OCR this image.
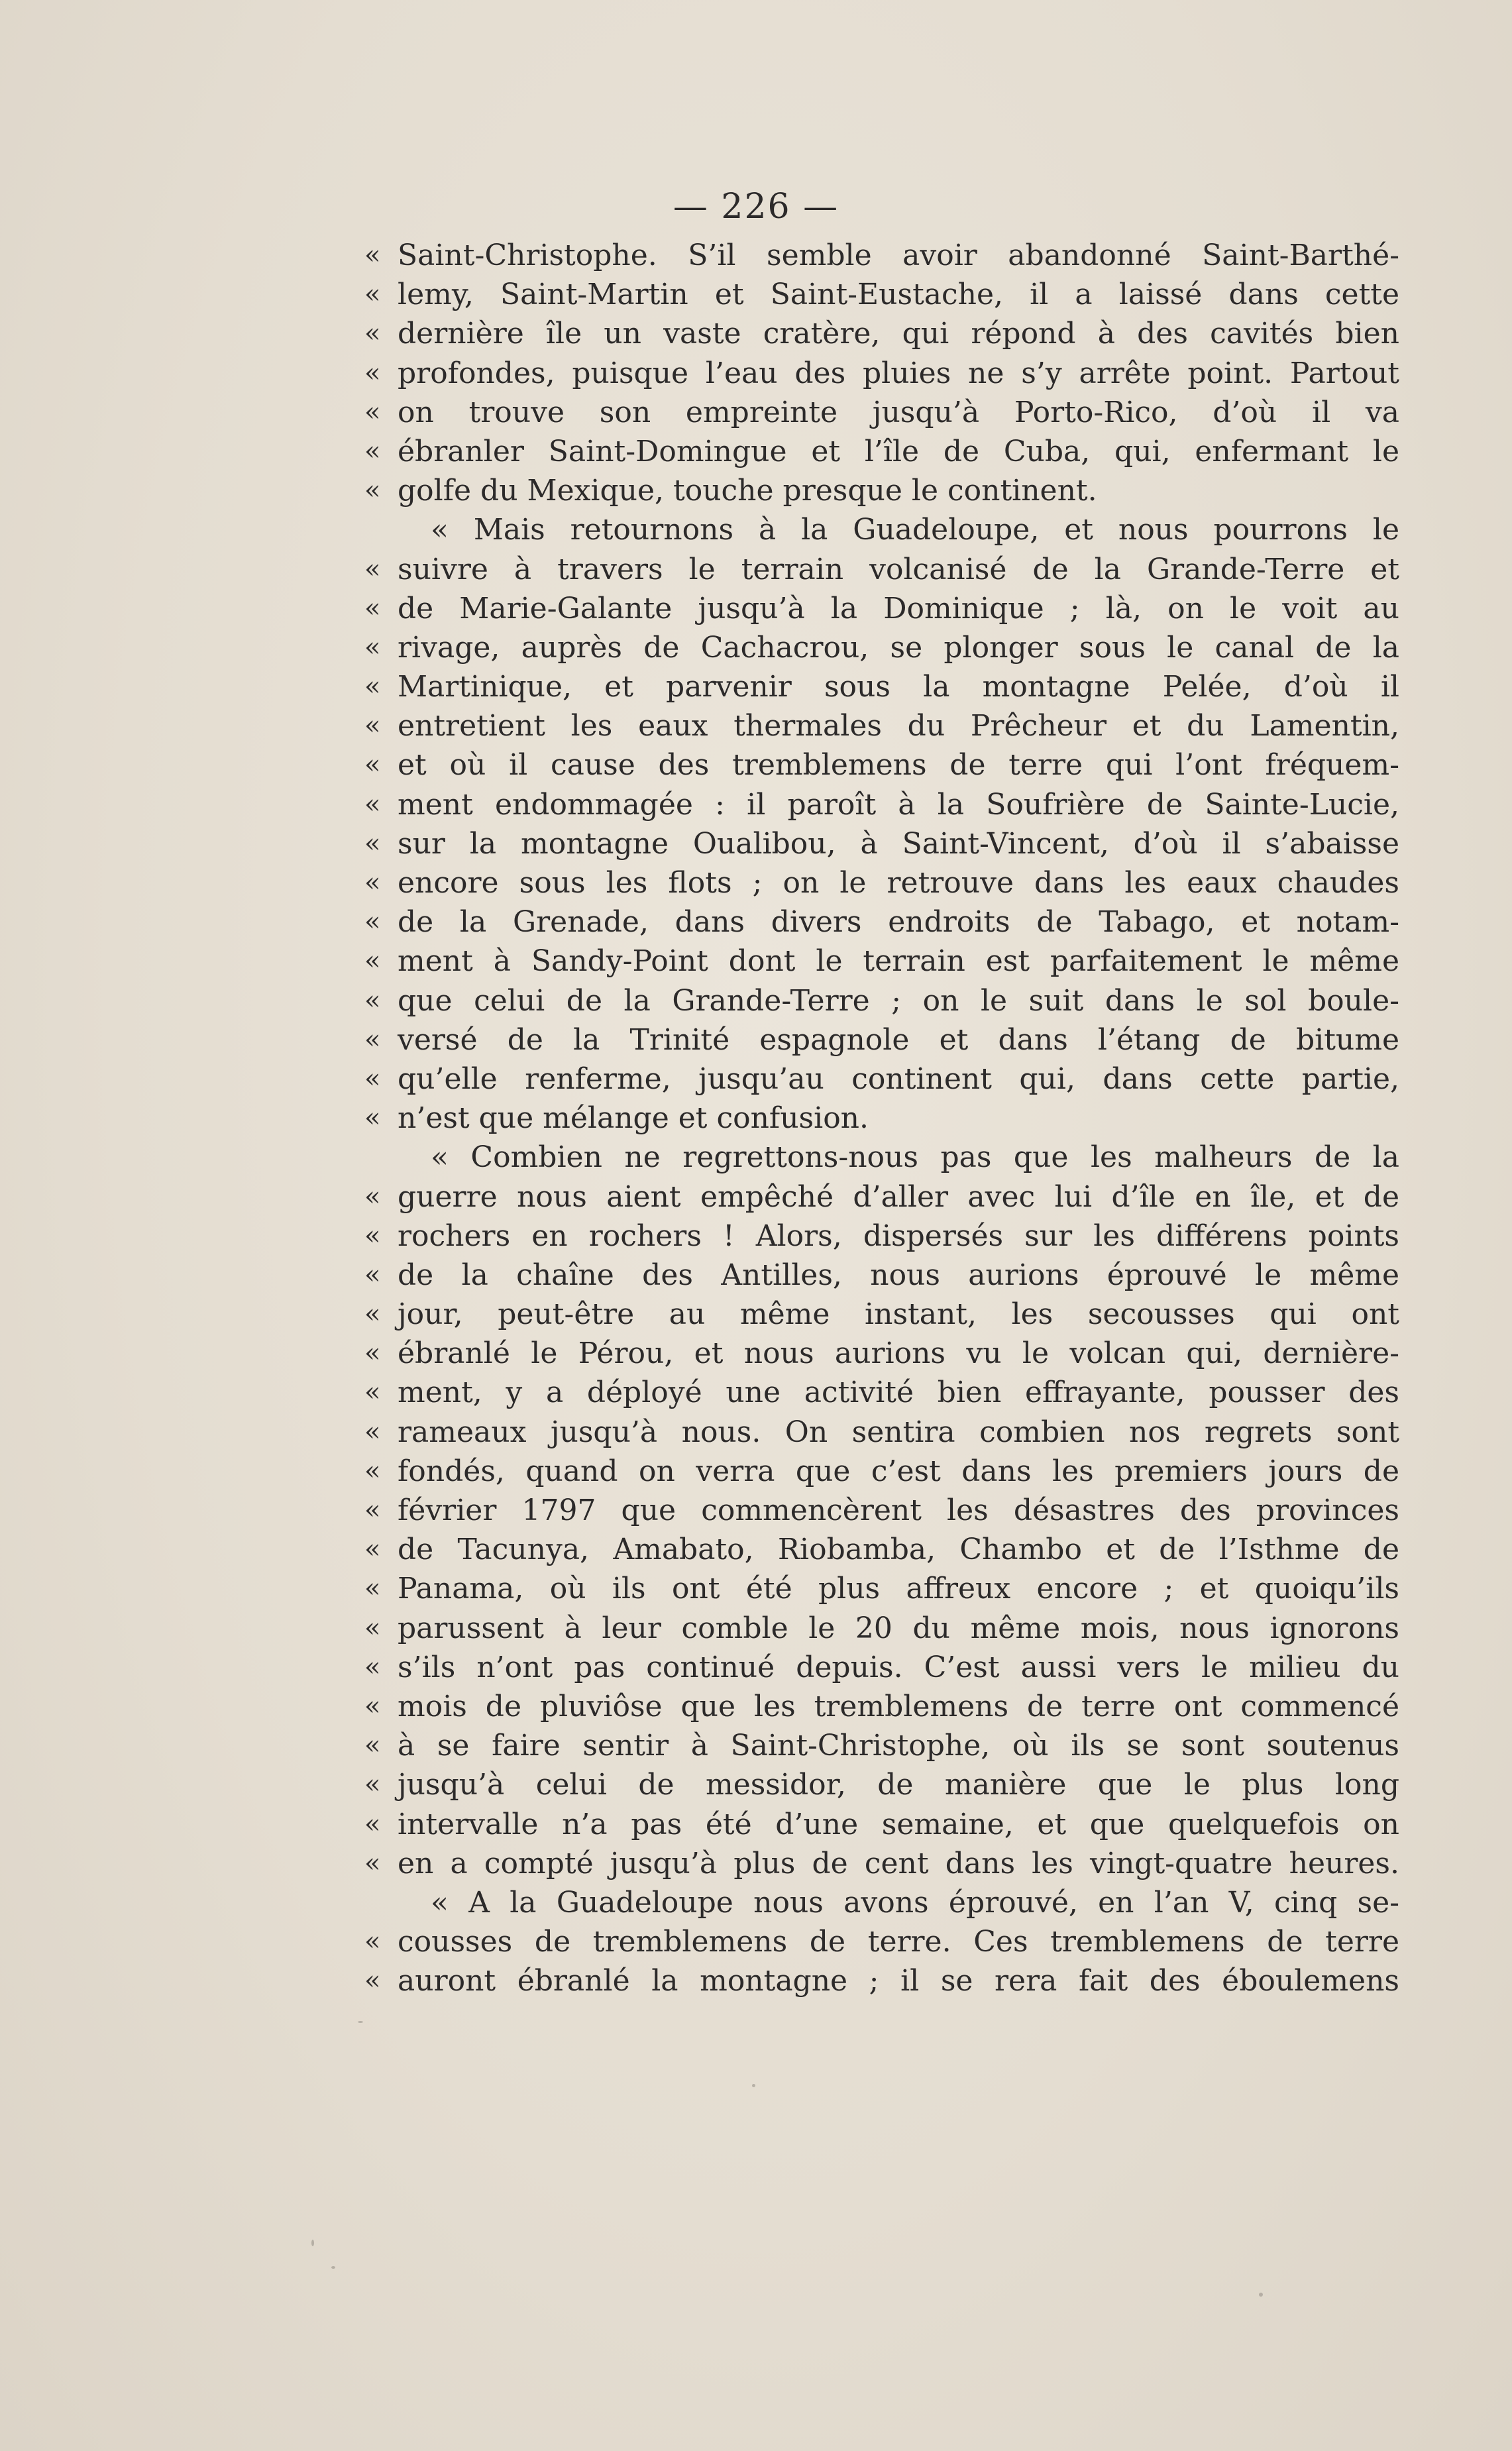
— 226 —
« Saint-Christophe. S’il semble avoir abandonné Saint-Barthé-
« lemy, Saint-Martin et Saint-Eustache, il a laissé dans cette
« dernière île un vaste cratère, qui répond à des cavités bien
« profondes, puisque l’eau des pluies ne s’y arrête point. Partout
« on trouve son empreinte jusqu’à Porto-Rico, d’où il va
« ébranler Saint-Domingue et l’île de Cuba, qui, enfermant le
« golfe du Mexique, touche presque le continent.
« Mais retournons à la Guadeloupe, et nous pourrons le
« suivre à travers le terrain volcanisé de la Grande-Terre et
« de Marie-Galante jusqu’à la Dominique ; là, on le voit au
« rivage, auprès de Cachacrou, se plonger sous le canal de la
« Martinique, et parvenir sous la montagne Pelée, d’où il
« entretient les eaux thermales du Prêcheur et du Lamentin,
« et où il cause des tremblemens de terre qui l’ont fréquem-
« ment endommagée : il paroît à la Soufrière de Sainte-Lucie,
« sur la montagne Oualibou, à Saint-Vincent, d’où il s’abaisse
« encore sous les flots ; on le retrouve dans les eaux chaudes
« de la Grenade, dans divers endroits de Tabago, et notam-
« ment à Sandy-Point dont le terrain est parfaitement le même
« que celui de la Grande-Terre ; on le suit dans le sol boule-
« versé de la Trinité espagnole et dans l’étang de bitume
« qu’elle renferme, jusqu’au continent qui, dans cette partie,
« n’est que mélange et confusion.
« Combien ne regrettons-nous pas que les malheurs de la
« guerre nous aient empêché d’aller avec lui d’île en île, et de
« rochers en rochers ! Alors, dispersés sur les différens points
« de la chaîne des Antilles, nous aurions éprouvé le même
« jour, peut-être au même instant, les secousses qui ont
« ébranlé le Pérou, et nous aurions vu le volcan qui, dernière-
« ment, y a déployé une activité bien effrayante, pousser des
« rameaux jusqu’à nous. On sentira combien nos regrets sont
« fondés, quand on verra que c’est dans les premiers jours de
« février 1797 que commencèrent les désastres des provinces
« de Tacunya, Amabato, Riobamba, Chambo et de l’Isthme de
« Panama, où ils ont été plus affreux encore ; et quoiqu’ils
« parussent à leur comble le 20 du même mois, nous ignorons
« s’ils n’ont pas continué depuis. C’est aussi vers le milieu du
« mois de pluviôse que les tremblemens de terre ont commencé
« à se faire sentir à Saint-Christophe, où ils se sont soutenus
« jusqu’à celui de messidor, de manière que le plus long
« intervalle n’a pas été d’une semaine, et que quelquefois on
« en a compté jusqu’à plus de cent dans les vingt-quatre heures.
« A la Guadeloupe nous avons éprouvé, en l’an V, cinq se-
« cousses de tremblemens de terre. Ces tremblemens de terre
« auront ébranlé la montagne ; il se rera fait des éboulemens
